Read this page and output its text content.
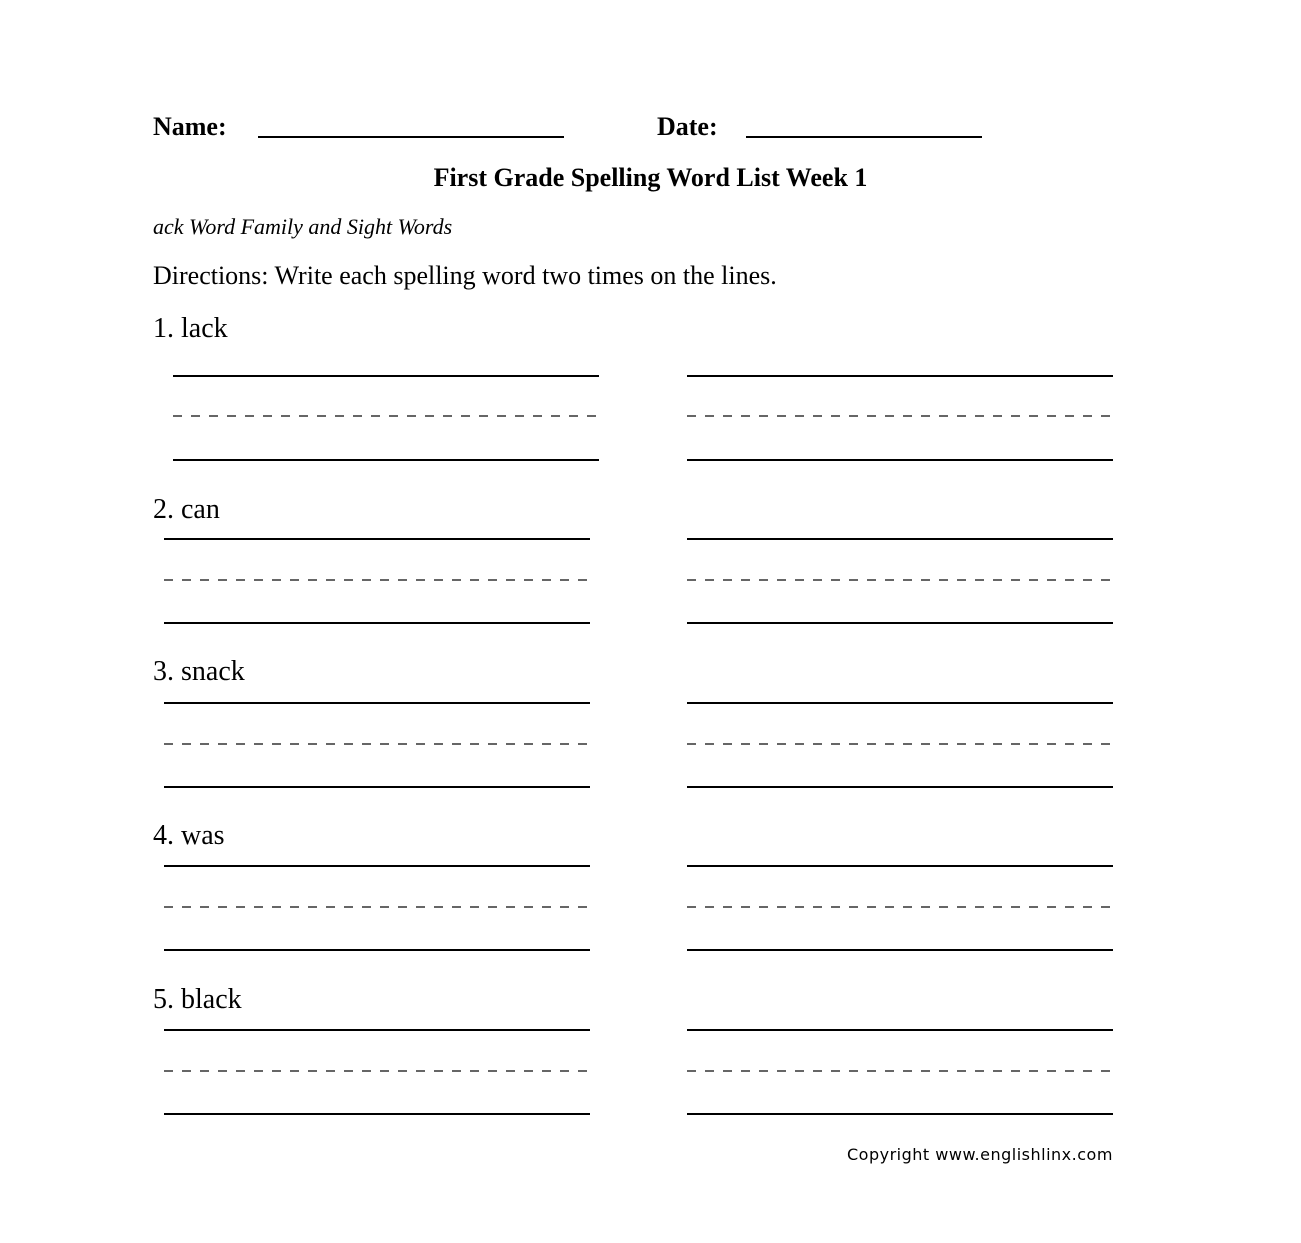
Name:	Date:
First Grade Spelling Word List Week 1
ack Word Family and Sight Words
Directions: Write each spelling word two times on the lines.
1. lack
2. can
3. snack
4. was
5. black
Copyright www.englishlinx.com
